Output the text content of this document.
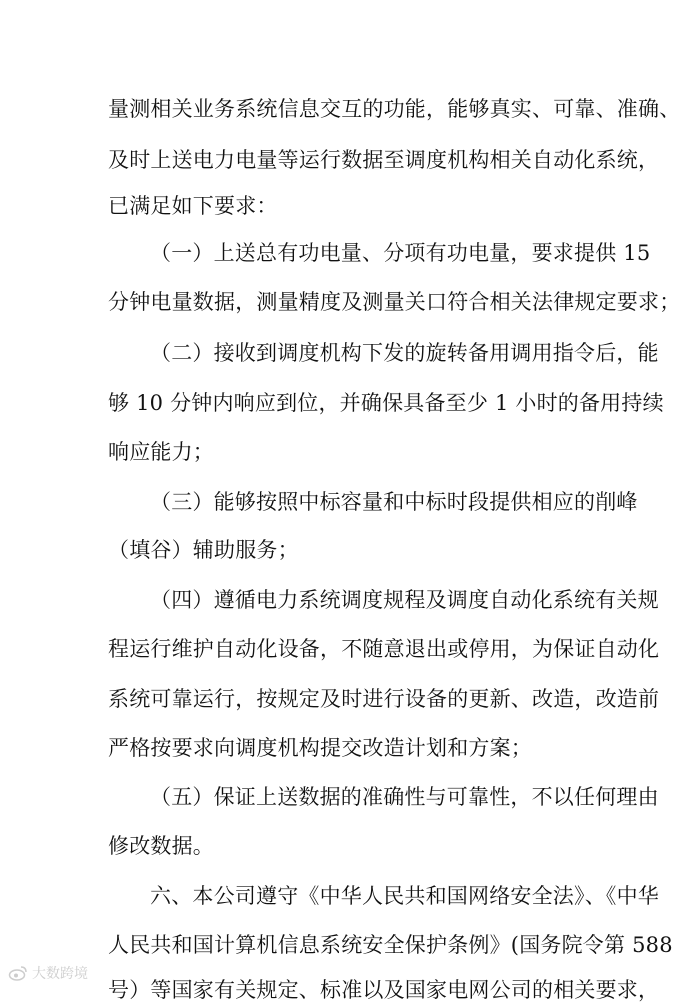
量测相关业务系统信息交互的功能，能够真实、可靠、准确、
及时上送电力电量等运行数据至调度机构相关自动化系统，
已满足如下要求：
（一）上送总有功电量、分项有功电量，要求提供 15
分钟电量数据，测量精度及测量关口符合相关法律规定要求；
（二）接收到调度机构下发的旋转备用调用指令后，能
够 10 分钟内响应到位，并确保具备至少 1 小时的备用持续
响应能力；
（三）能够按照中标容量和中标时段提供相应的削峰
（填谷）辅助服务；
（四）遵循电力系统调度规程及调度自动化系统有关规
程运行维护自动化设备，不随意退出或停用，为保证自动化
系统可靠运行，按规定及时进行设备的更新、改造，改造前
严格按要求向调度机构提交改造计划和方案；
（五）保证上送数据的准确性与可靠性，不以任何理由
修改数据。
六、本公司遵守《中华人民共和国网络安全法》、《中华
人民共和国计算机信息系统安全保护条例》(国务院令第 588
号）等国家有关规定、标准以及国家电网公司的相关要求，
大数跨境
